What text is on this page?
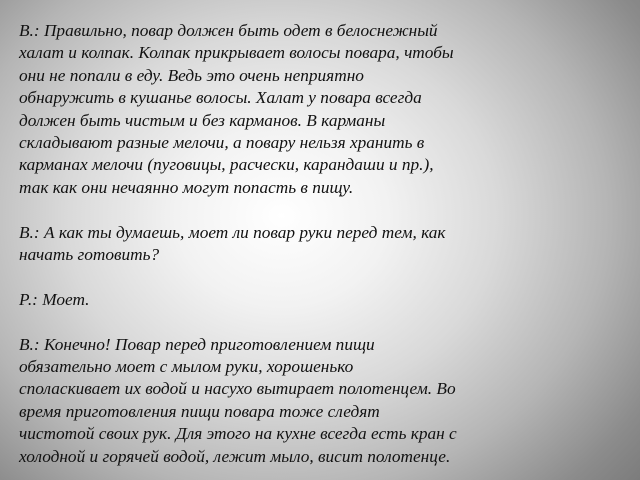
В.: Правильно, повар должен быть одет в белоснежный
халат и колпак. Колпак прикрывает волосы повара, чтобы
они не попали в еду. Ведь это очень неприятно
обнаружить в кушанье волосы. Халат у повара всегда
должен быть чистым и без карманов. В карманы
складывают разные мелочи, а повару нельзя хранить в
карманах мелочи (пуговицы, расчески, карандаши и пр.),
так как они нечаянно могут попасть в пищу.
В.: А как ты думаешь, моет ли повар руки перед тем, как
начать готовить?
Р.: Моет.
В.: Конечно! Повар перед приготовлением пищи
обязательно моет с мылом руки, хорошенько
споласкивает их водой и насухо вытирает полотенцем. Во
время приготовления пищи повара тоже следят
чистотой своих рук. Для этого на кухне всегда есть кран с
холодной и горячей водой, лежит мыло, висит полотенце.
